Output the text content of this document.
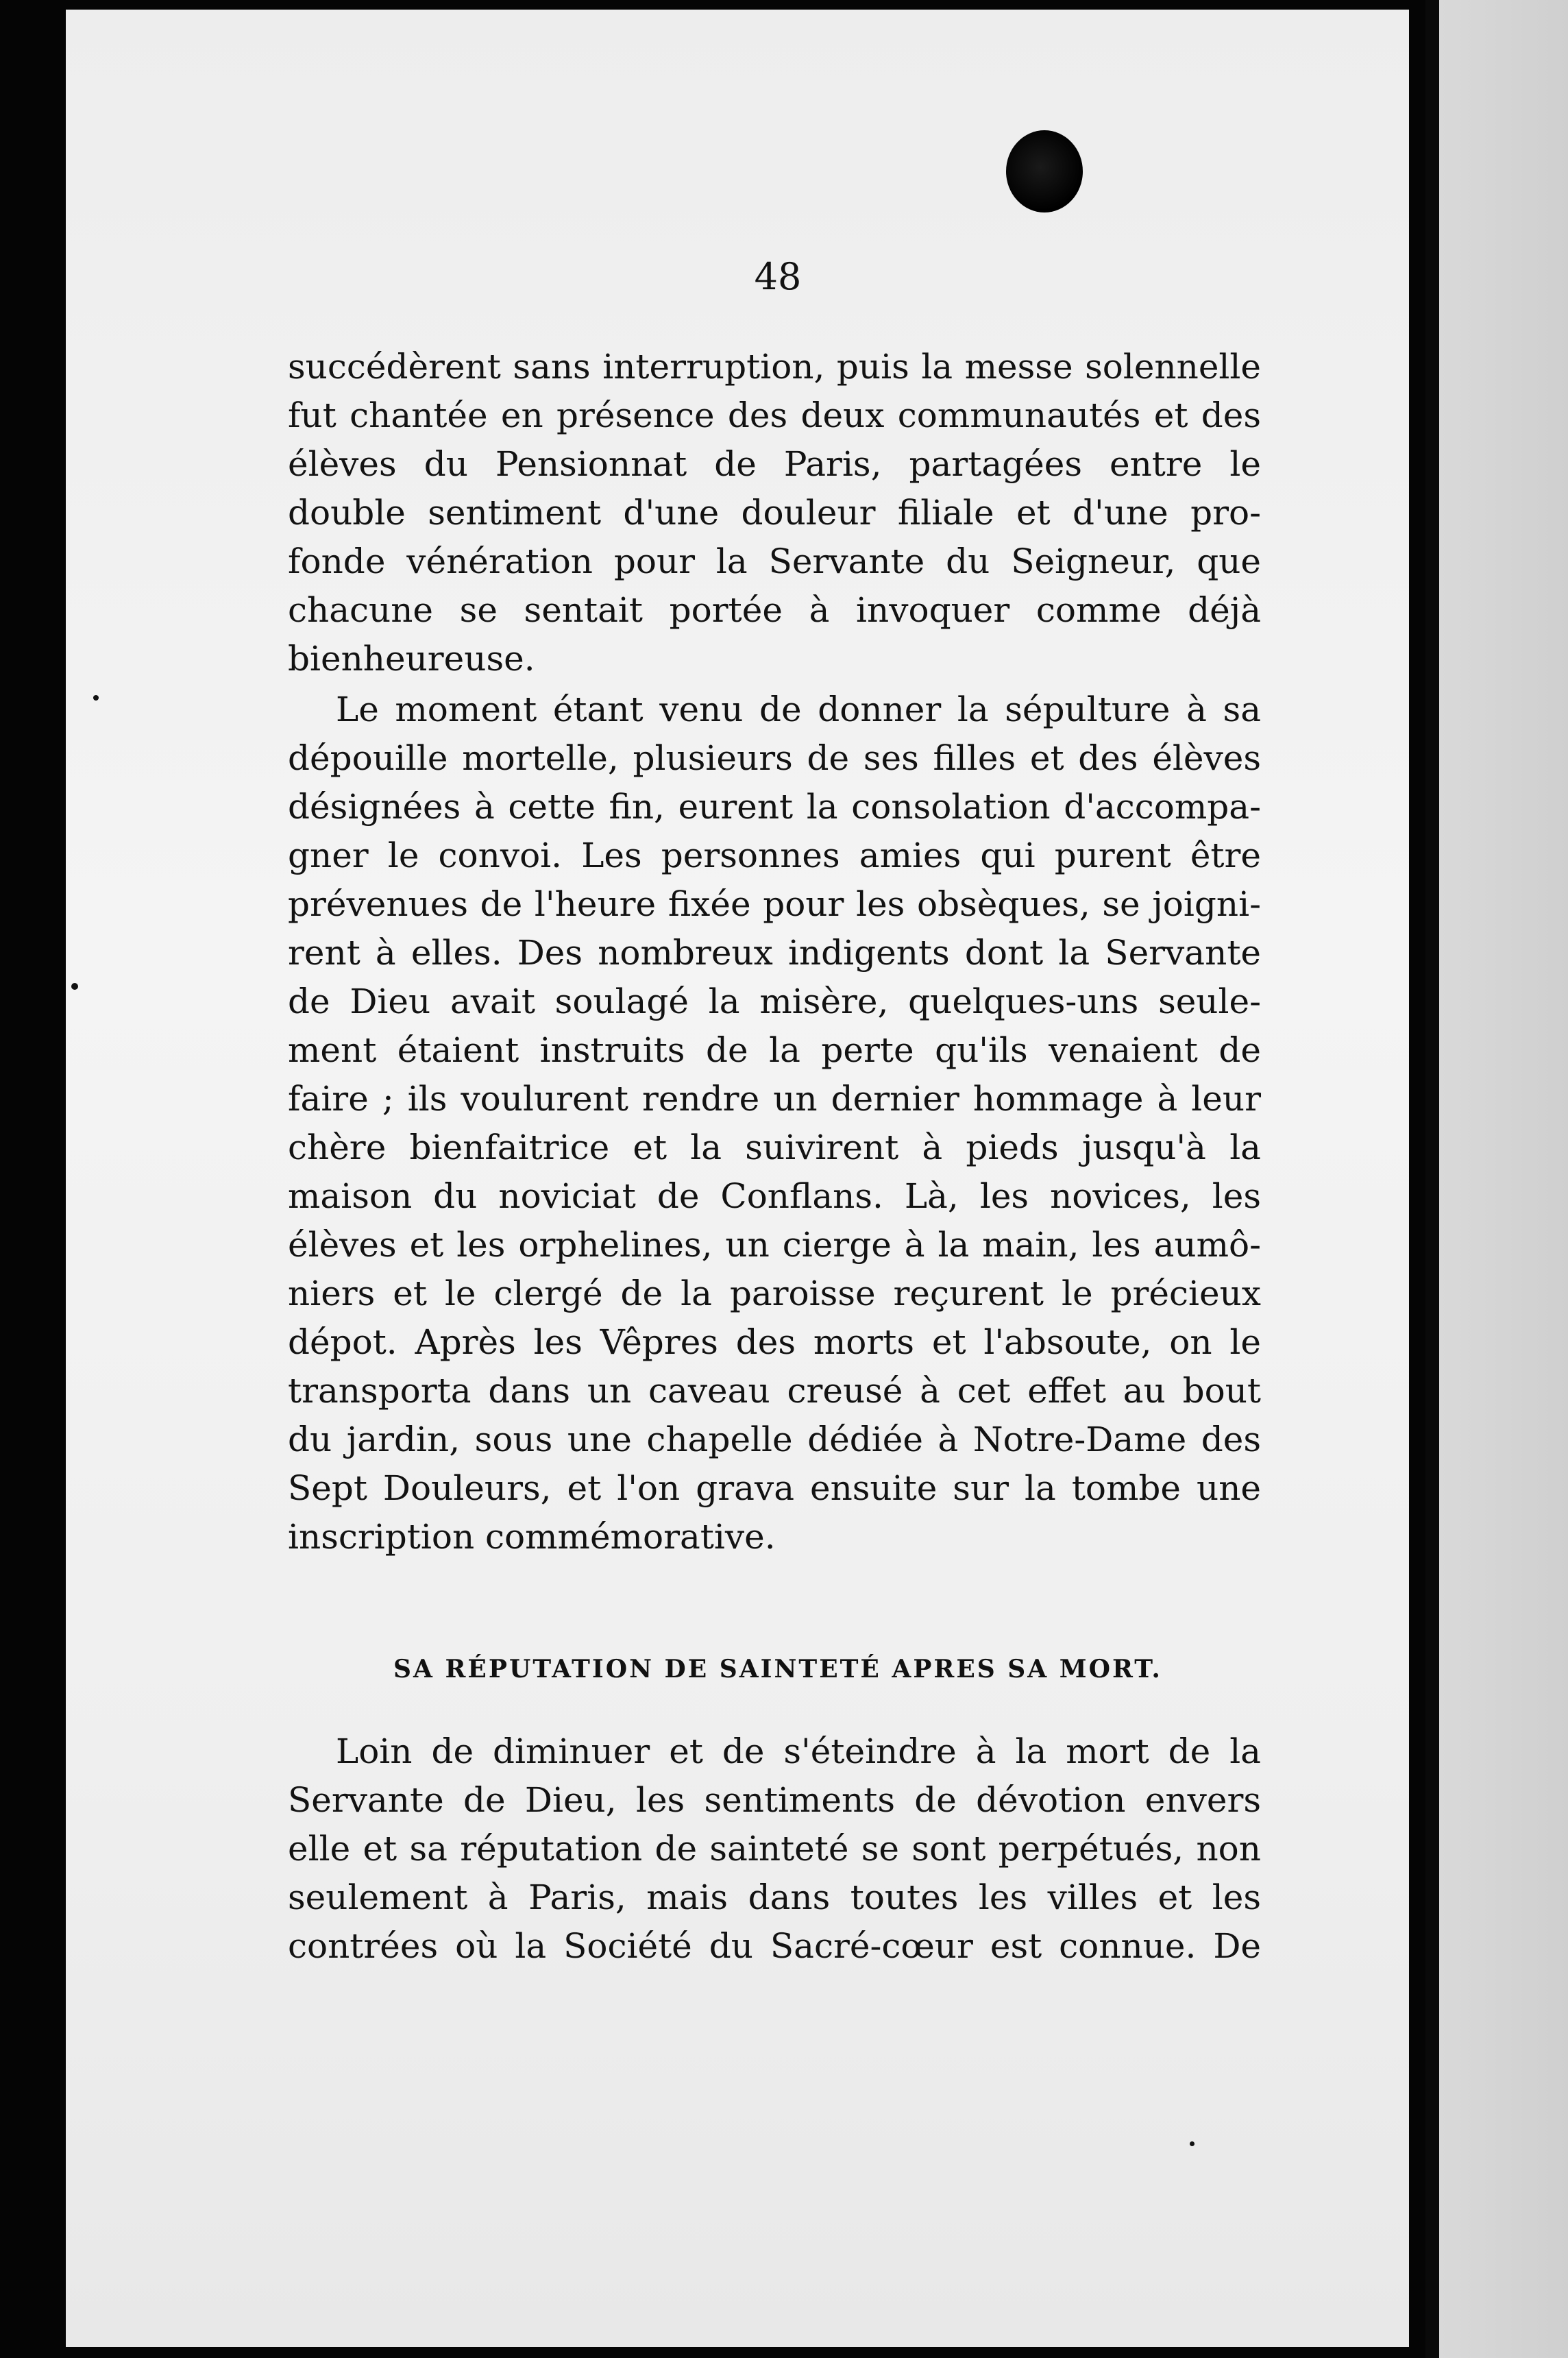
48
succédèrent sans interruption, puis la messe solennelle
fut chantée en présence des deux communautés et des
élèves du Pensionnat de Paris, partagées entre le
double sentiment d'une douleur filiale et d'une pro-
fonde vénération pour la Servante du Seigneur, que
chacune se sentait portée à invoquer comme déjà
bienheureuse.
Le moment étant venu de donner la sépulture à sa
dépouille mortelle, plusieurs de ses filles et des élèves
désignées à cette fin, eurent la consolation d'accompa-
gner le convoi. Les personnes amies qui purent être
prévenues de l'heure fixée pour les obsèques, se joigni-
rent à elles. Des nombreux indigents dont la Servante
de Dieu avait soulagé la misère, quelques-uns seule-
ment étaient instruits de la perte qu'ils venaient de
faire ; ils voulurent rendre un dernier hommage à leur
chère bienfaitrice et la suivirent à pieds jusqu'à la
maison du noviciat de Conflans. Là, les novices, les
élèves et les orphelines, un cierge à la main, les aumô-
niers et le clergé de la paroisse reçurent le précieux
dépot. Après les Vêpres des morts et l'absoute, on le
transporta dans un caveau creusé à cet effet au bout
du jardin, sous une chapelle dédiée à Notre-Dame des
Sept Douleurs, et l'on grava ensuite sur la tombe une
inscription commémorative.
SA RÉPUTATION DE SAINTETÉ APRES SA MORT.
Loin de diminuer et de s'éteindre à la mort de la
Servante de Dieu, les sentiments de dévotion envers
elle et sa réputation de sainteté se sont perpétués, non
seulement à Paris, mais dans toutes les villes et les
contrées où la Société du Sacré-cœur est connue. De
